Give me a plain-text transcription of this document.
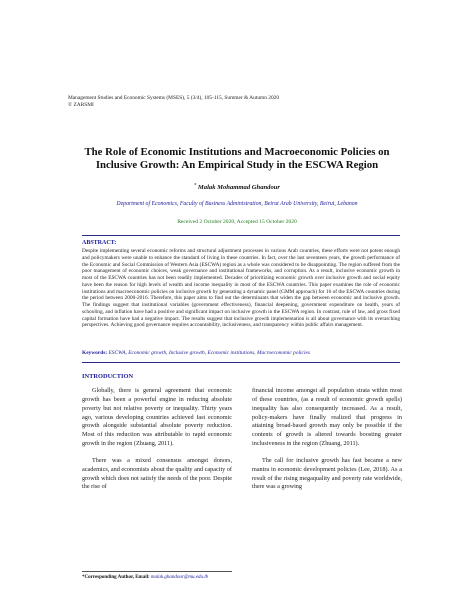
Management Studies and Economic Systems (MSES), 5 (3/4), 105-115, Summer & Autumn 2020
© ZARSMI
The Role of Economic Institutions and Macroeconomic Policies on
Inclusive Growth: An Empirical Study in the ESCWA Region
* Malak Mohammad Ghandour
Department of Economics, Faculty of Business Administration, Beirut Arab University, Beirut, Lebanon
Received 2 October 2020, Accepted 15 October 2020
ABSTRACT:
Despite implementing several economic reforms and structural adjustment processes in various Arab countries, these efforts were not potent enough and policymakers were unable to enhance the standard of living in these countries. In fact, over the last seventeen years, the growth performance of the Economic and Social Commission of Western Asia (ESCWA) region as a whole was considered to be disappointing. The region suffered from the poor management of economic choices, weak governance and institutional frameworks, and corruption. As a result, inclusive economic growth in most of the ESCWA countries has not been readily implemented. Decades of prioritizing economic growth over inclusive growth and social equity have been the reason for high levels of wealth and income inequality in most of the ESCWA countries. This paper examines the role of economic institutions and macroeconomic policies on inclusive growth by generating a dynamic panel (GMM approach) for 16 of the ESCWA countries during the period between 2000-2016. Therefore, this paper aims to find out the determinants that widen the gap between economic and inclusive growth. The findings suggest that institutional variables (government effectiveness), financial deepening, government expenditure on health, years of schooling, and inflation have had a positive and significant impact on inclusive growth in the ESCWA region. In contrast, rule of law, and gross fixed capital formation have had a negative impact. The results suggest that inclusive growth implementation is all about governance with its overarching perspectives. Achieving good governance requires accountability, inclusiveness, and transparency within public affairs management.
Keywords: ESCWA, Economic growth, Inclusive growth, Economic institutions, Macroeconomic policies
INTRODUCTION

Globally, there is general agreement that economic growth has been a powerful engine in reducing absolute poverty but not relative poverty or inequality. Thirty years ago, various developing countries achieved fast economic growth alongside substantial absolute poverty reduction. Most of this reduction was attributable to rapid economic growth in the region (Zhuang, 2011).

There was a mixed consensus amongst donors, academics, and economists about the quality and capacity of growth which does not satisfy the needs of the poor. Despite the rise of

financial income amongst all population strata within most of these countries, (as a result of economic growth spells) inequality has also consequently increased. As a result, policy-makers have finally realized that progress in attaining broad-based growth may only be possible if the contents of growth is altered towards boosting greater inclusiveness in the region (Zhuang, 2011).

The call for inclusive growth has fast became a new mantra in economic development policies (Lee, 2018). As a result of the rising megaquality and poverty rate worldwide, there was a growing

*Corresponding Author, Email: malak.ghandour@mu.edu.lb
